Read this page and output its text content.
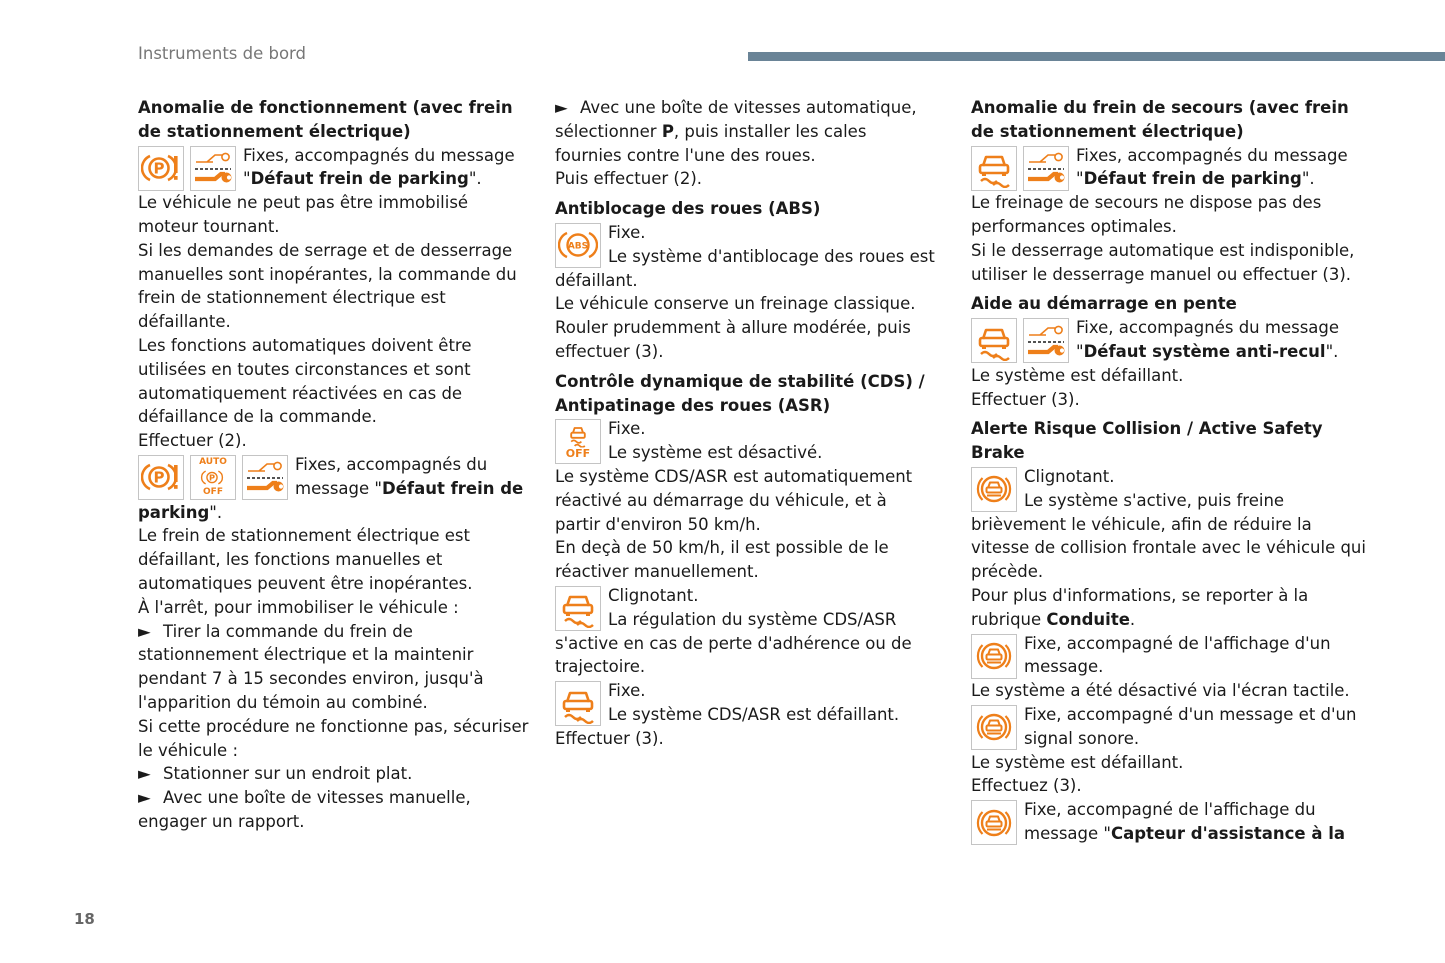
Instruments de bord
Anomalie de fonctionnement (avec frein de stationnement électrique)

Fixes, accompagnés du message
"Défaut frein de parking".

Le véhicule ne peut pas être immobilisé moteur tournant.

Si les demandes de serrage et de desserrage manuelles sont inopérantes, la commande du frein de stationnement électrique est défaillante.

Les fonctions automatiques doivent être utilisées en toutes circonstances et sont automatiquement réactivées en cas de défaillance de la commande.

Effectuer (2).

AUTO
OFF

Fixes, accompagnés du message "Défaut frein de parking".

Le frein de stationnement électrique est défaillant, les fonctions manuelles et automatiques peuvent être inopérantes.

À l'arrêt, pour immobiliser le véhicule :

► Tirer la commande du frein de stationnement électrique et la maintenir pendant 7 à 15 secondes environ, jusqu'à l'apparition du témoin au combiné.

Si cette procédure ne fonctionne pas, sécuriser le véhicule :

► Stationner sur un endroit plat.

► Avec une boîte de vitesses manuelle, engager un rapport.

► Avec une boîte de vitesses automatique, sélectionner P, puis installer les cales fournies contre l'une des roues.

Puis effectuer (2).

Antiblocage des roues (ABS)

Fixe.
Le système d'antiblocage des roues est défaillant.

Le véhicule conserve un freinage classique.

Rouler prudemment à allure modérée, puis effectuer (3).

Contrôle dynamique de stabilité (CDS) / Antipatinage des roues (ASR)
OFF

Fixe.
Le système est désactivé.

Le système CDS/ASR est automatiquement réactivé au démarrage du véhicule, et à partir d'environ 50 km/h.

En deçà de 50 km/h, il est possible de le réactiver manuellement.

Clignotant.
La régulation du système CDS/ASR s'active en cas de perte d'adhérence ou de trajectoire.

Fixe.
Le système CDS/ASR est défaillant.

Effectuer (3).

Anomalie du frein de secours (avec frein de stationnement électrique)

Fixes, accompagnés du message
"Défaut frein de parking".

Le freinage de secours ne dispose pas des performances optimales.

Si le desserrage automatique est indisponible, utiliser le desserrage manuel ou effectuer (3).

Aide au démarrage en pente

Fixe, accompagnés du message
"Défaut système anti-recul".

Le système est défaillant.

Effectuer (3).

Alerte Risque Collision / Active Safety Brake

Clignotant.
Le système s'active, puis freine brièvement le véhicule, afin de réduire la vitesse de collision frontale avec le véhicule qui précède.

Pour plus d'informations, se reporter à la rubrique Conduite.

Fixe, accompagné de l'affichage d'un message.

Le système a été désactivé via l'écran tactile.

Fixe, accompagné d'un message et d'un signal sonore.

Le système est défaillant.

Effectuez (3).

Fixe, accompagné de l'affichage du message "Capteur d'assistance à la

18
